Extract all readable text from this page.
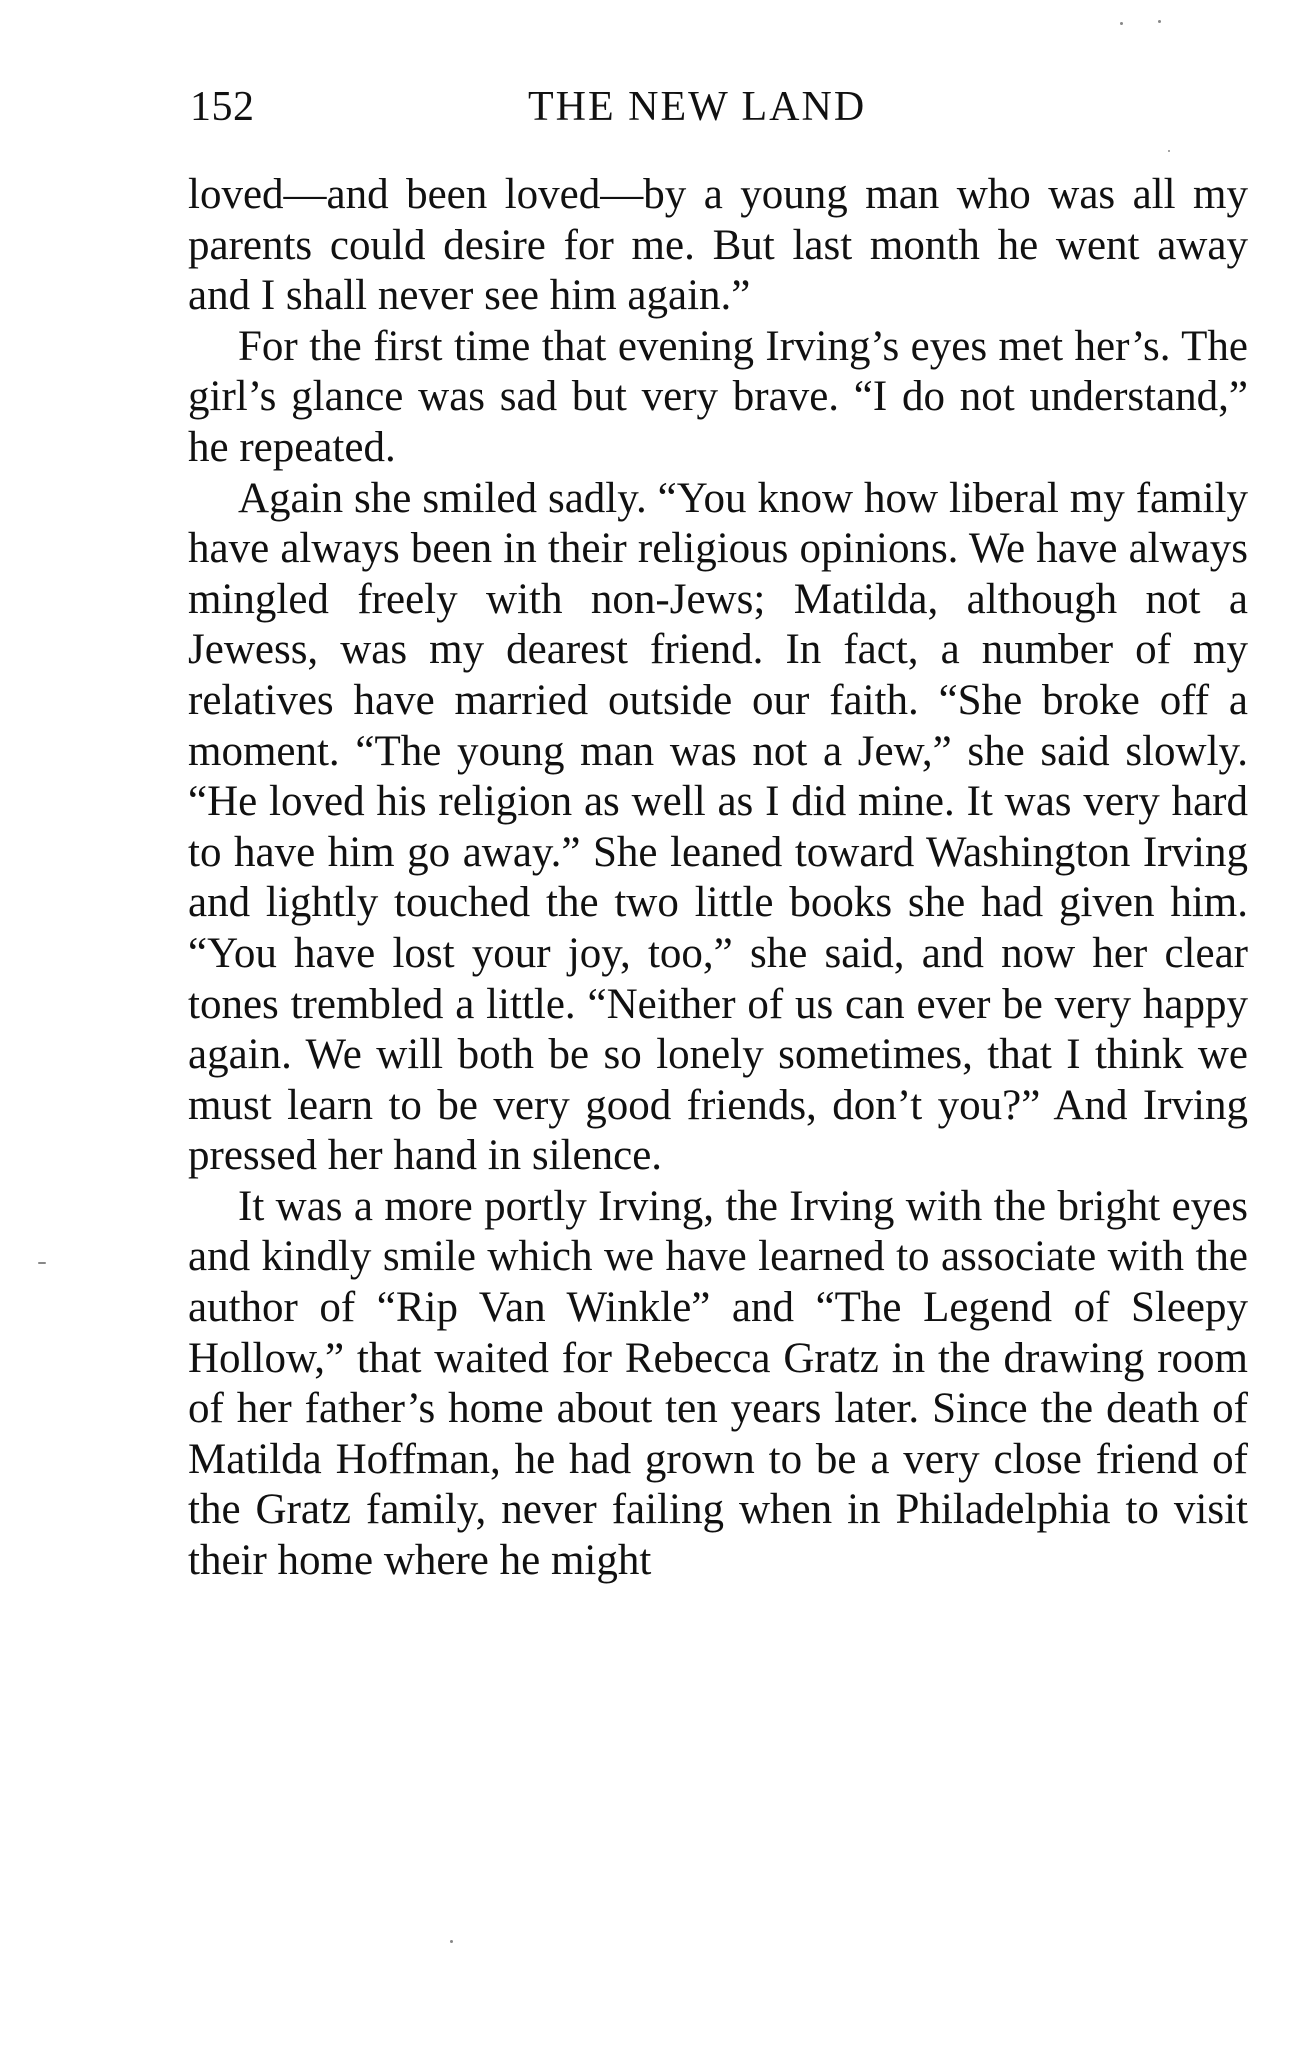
152	THE NEW LAND

loved—and been loved—by a young man who was all my parents could desire for me. But last month he went away and I shall never see him again.”

For the first time that evening Irving’s eyes met her’s. The girl’s glance was sad but very brave. “I do not understand,” he repeated.

Again she smiled sadly. “You know how liberal my family have always been in their religious opinions. We have always mingled freely with non-Jews; Matilda, although not a Jewess, was my dearest friend. In fact, a number of my relatives have married outside our faith. “She broke off a moment. “The young man was not a Jew,” she said slowly. “He loved his religion as well as I did mine. It was very hard to have him go away.” She leaned toward Washington Irving and lightly touched the two little books she had given him. “You have lost your joy, too,” she said, and now her clear tones trembled a little. “Neither of us can ever be very happy again. We will both be so lonely sometimes, that I think we must learn to be very good friends, don’t you?” And Irving pressed her hand in silence.

It was a more portly Irving, the Irving with the bright eyes and kindly smile which we have learned to associate with the author of “Rip Van Winkle” and “The Legend of Sleepy Hollow,” that waited for Rebecca Gratz in the drawing room of her father’s home about ten years later. Since the death of Matilda Hoffman, he had grown to be a very close friend of the Gratz family, never failing when in Philadelphia to visit their home where he might
